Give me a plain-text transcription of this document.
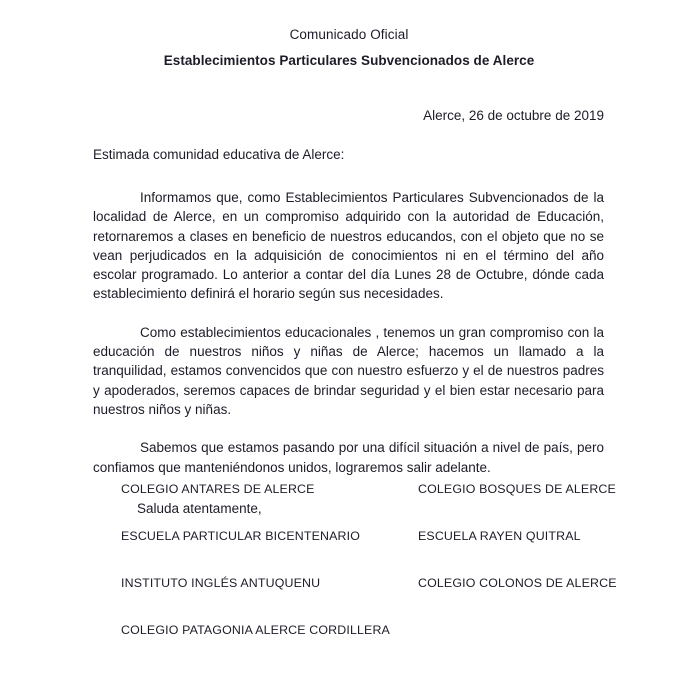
Comunicado Oficial
Establecimientos Particulares Subvencionados de Alerce
Alerce, 26 de octubre de 2019

Estimada comunidad educativa de Alerce:

Informamos que, como Establecimientos Particulares Subvencionados de la localidad de Alerce, en un compromiso adquirido con la autoridad de Educación, retornaremos a clases en beneficio de nuestros educandos, con el objeto que no se vean perjudicados en la adquisición de conocimientos ni en el término del año escolar programado. Lo anterior a contar del día Lunes 28 de Octubre, dónde cada establecimiento definirá el horario según sus necesidades.

Como establecimientos educacionales , tenemos un gran compromiso con la educación de nuestros niños y niñas de Alerce; hacemos un llamado a la tranquilidad, estamos convencidos que con nuestro esfuerzo y el de nuestros padres y apoderados, seremos capaces de brindar seguridad y el bien estar necesario para nuestros niños y niñas.

Sabemos que estamos pasando por una difícil situación a nivel de país, pero confiamos que manteniéndonos unidos, lograremos salir adelante.

Saluda atentamente,

COLEGIO ANTARES DE ALERCE	COLEGIO BOSQUES DE ALERCE
ESCUELA PARTICULAR BICENTENARIO	ESCUELA RAYEN QUITRAL
INSTITUTO INGLÉS ANTUQUENU	COLEGIO COLONOS DE ALERCE
COLEGIO PATAGONIA ALERCE CORDILLERA
